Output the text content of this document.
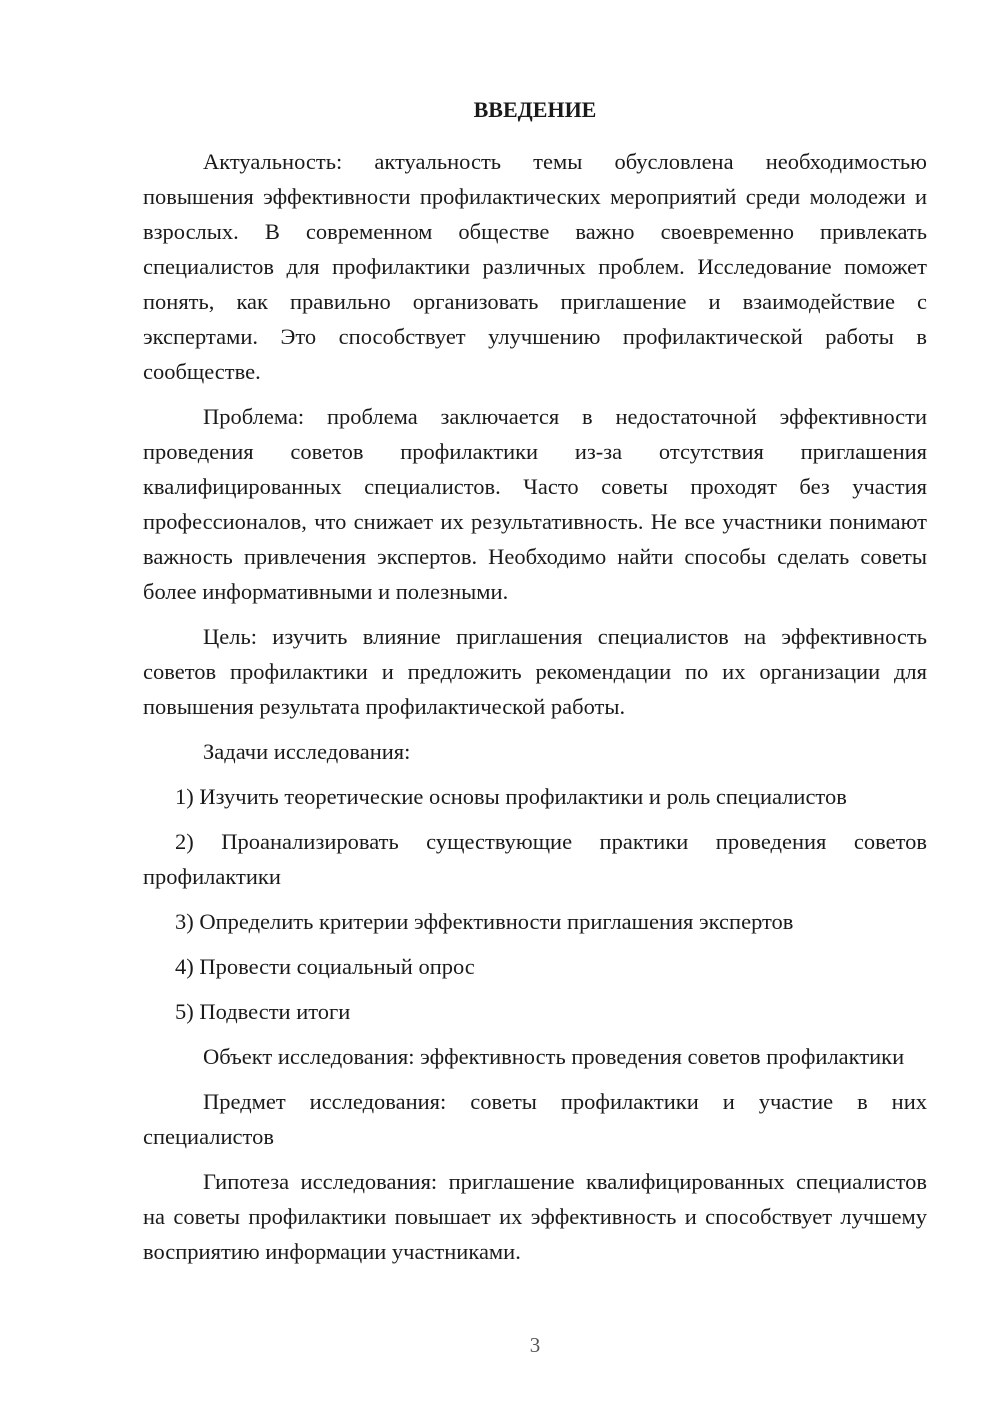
ВВЕДЕНИЕ

Актуальность: актуальность темы обусловлена необходимостью повышения эффективности профилактических мероприятий среди молодежи и взрослых. В современном обществе важно своевременно привлекать специалистов для профилактики различных проблем. Исследование поможет понять, как правильно организовать приглашение и взаимодействие с экспертами. Это способствует улучшению профилактической работы в сообществе.

Проблема: проблема заключается в недостаточной эффективности проведения советов профилактики из-за отсутствия приглашения квалифицированных специалистов. Часто советы проходят без участия профессионалов, что снижает их результативность. Не все участники понимают важность привлечения экспертов. Необходимо найти способы сделать советы более информативными и полезными.

Цель: изучить влияние приглашения специалистов на эффективность советов профилактики и предложить рекомендации по их организации для повышения результата профилактической работы.

Задачи исследования:

1) Изучить теоретические основы профилактики и роль специалистов

2) Проанализировать существующие практики проведения советов профилактики

3) Определить критерии эффективности приглашения экспертов

4) Провести социальный опрос

5) Подвести итоги

Объект исследования: эффективность проведения советов профилактики

Предмет исследования: советы профилактики и участие в них специалистов

Гипотеза исследования: приглашение квалифицированных специалистов на советы профилактики повышает их эффективность и способствует лучшему восприятию информации участниками.

3
